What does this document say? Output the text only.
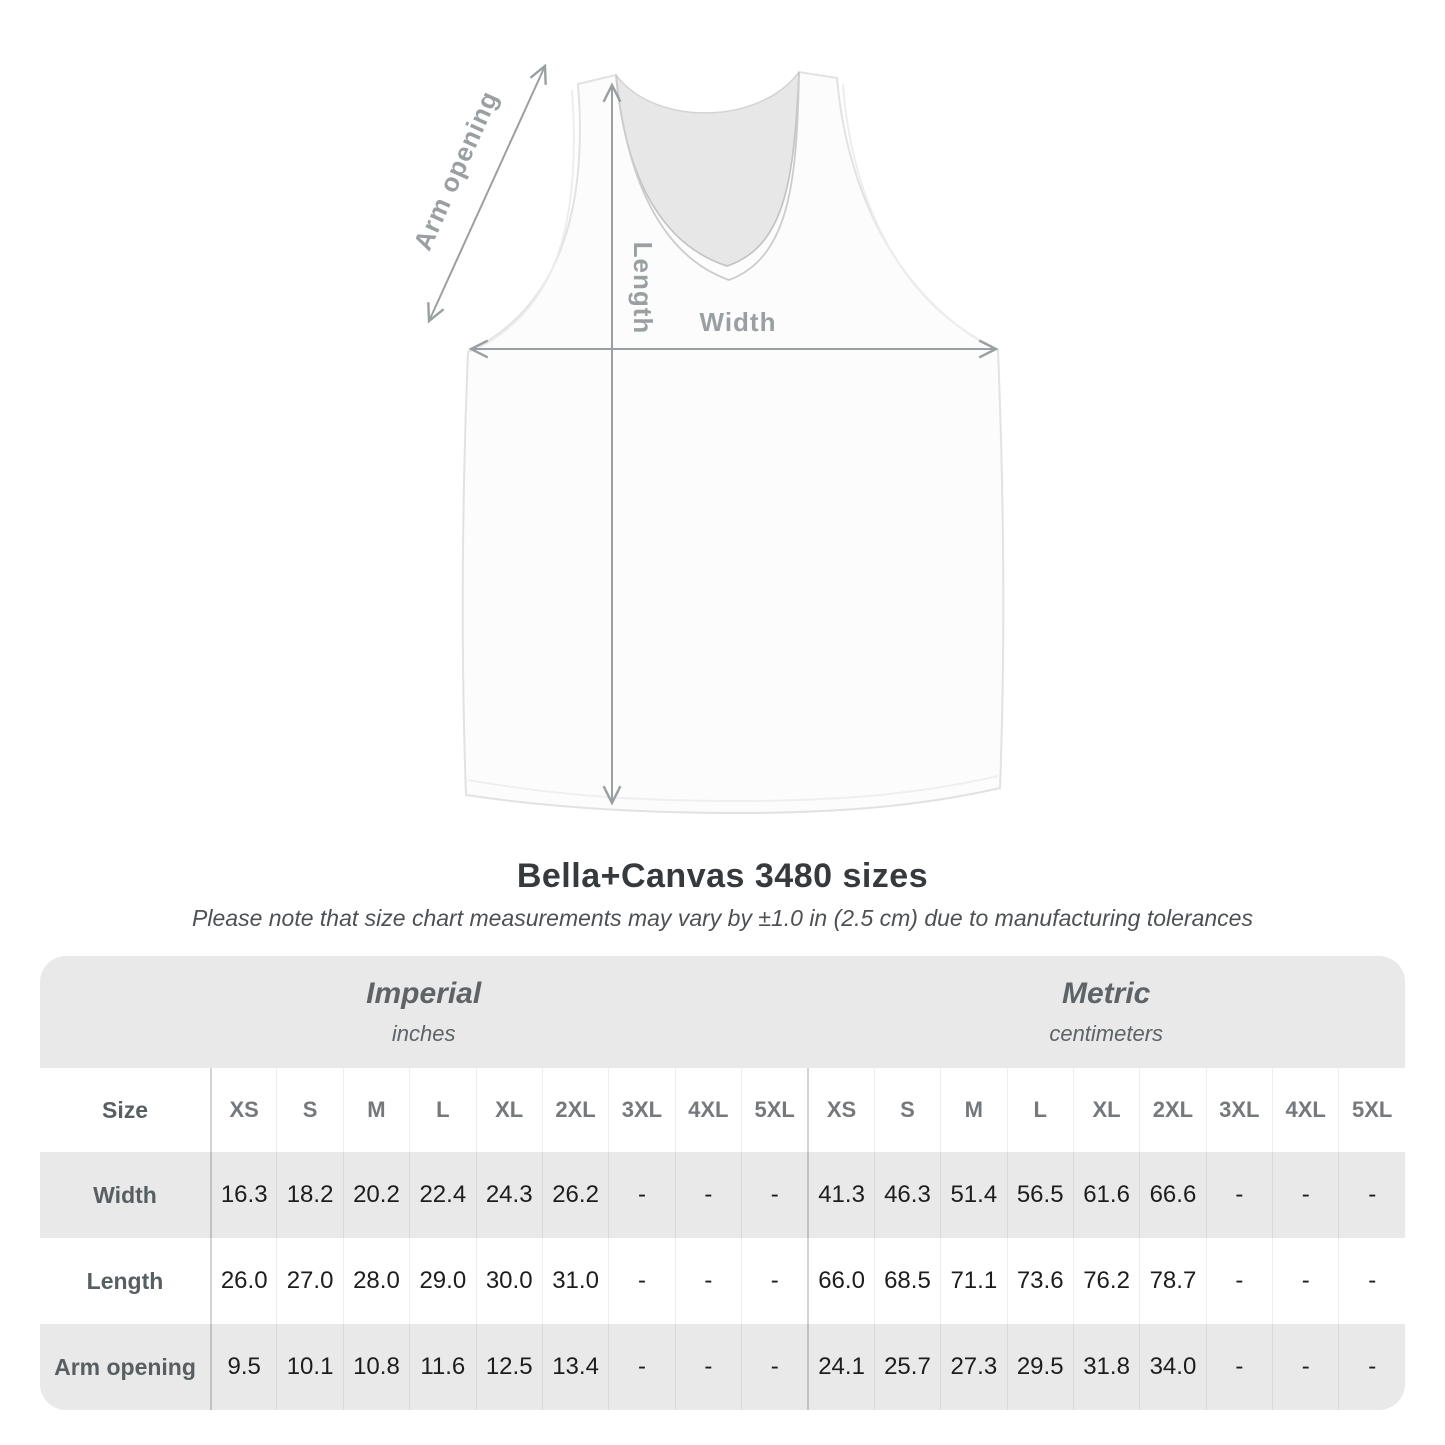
Arm opening
Length Width
Bella+Canvas 3480 sizes

Please note that size chart measurements may vary by ±1.0 in (2.5 cm) due to manufacturing tolerances

Imperial
inches

Metric
centimeters

Size	XS	S	M	L	XL	2XL	3XL	4XL	5XL	XS	S	M	L	XL	2XL	3XL	4XL	5XL
Width	16.3	18.2	20.2	22.4	24.3	26.2	-	-	-	41.3	46.3	51.4	56.5	61.6	66.6	-	-	-
Length	26.0	27.0	28.0	29.0	30.0	31.0	-	-	-	66.0	68.5	71.1	73.6	76.2	78.7	-	-	-
Arm opening	9.5	10.1	10.8	11.6	12.5	13.4	-	-	-	24.1	25.7	27.3	29.5	31.8	34.0	-	-	-
